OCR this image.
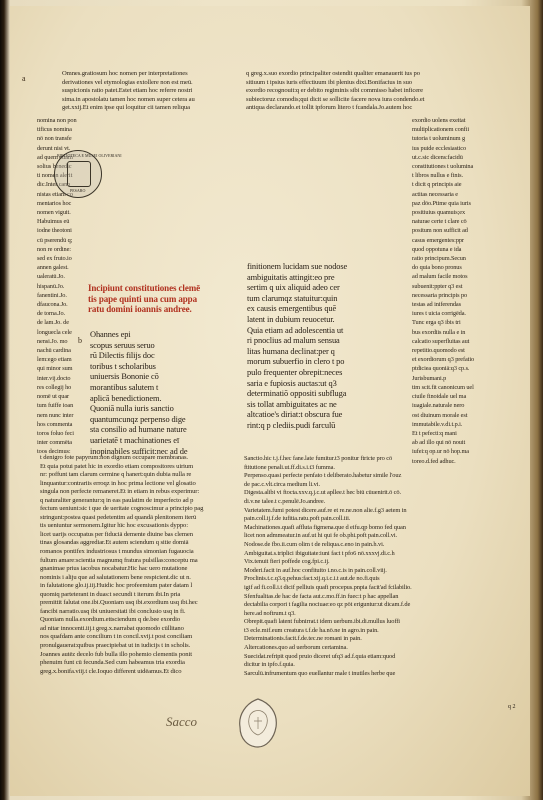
a
b

Omnes.gratiosum hoc nomen per interpretationes

derivationes vel etymologias extollere non est meū.

suspicionis ratio patet.Estet etiam hoc referre nostri

sima.in apostolatu tamen hoc nomen super cetera au

get.xxij.Et enim ipse qui loquitur cii tamen reliqua

nomina non pon

tificus nomina

nō non transfe

derunt nisi vt.

ad quem etiam

solius benedic

ti nomen alerit

dic.Inter cano

nistas etiam co

mentarios hoc

nomen viguit.

Habuimus eū

iodne theotoni

cū pserendū q;

non re ordine:

sed ex fruto.io

annen galest.

ualeratū.Jo.

hispanū.Jo.

fanentini.Jo.

dfaucona.Jo.

de torna.Jo.

de lam.Jo. de

longuecla cele

nensi.Jo. mo

nachū cardina

lem:ego etiam

qui minor sum

inter.vij.docto

res collegij ho

nomē ut quar

tum fuiffe ioan

nem nunc inter

hos commenta

toros foluo feci

inter commēta

toos decimus:

BIBLIOTECA E MUSEI OLIVERIANI
PESARO

Incipiunt constitutiones clemē

tis pape quinti una cum appa

ratu domini ioannis andree.

Ohannes epi

scopus seruus seruo

rū Dilectis filijs doc

toribus t scholaribus

uniuersis Bononie cō

morantibus salutem t

aplicā benedictionem.

Quoniā nulla iuris sanctio

quantumcunqz perpenso dige

sta consilio ad humane nature

uarietatē t machinationes eī

inopinabiles sufficit:nec ad de

t denigro fote papyrum:non dignum occupare membranas.

Et quia potui patet hic in exordio etiam compositores uirium

nr: poffunt tam clarum cermine q hanert:quin dubia nulla re

linquantur:contrariis erroqz in hoc prima lectione vel glosatio

singula non perfecte remaneret.Et in etiam in rebus experimur:

q naturaliter generantur:q in eas paulatim de imperfecto ad p

fectum ueniunt:sic t que de ueritate cognoscimur a principio pag

stringunt:postea quasi pedetentim ad quandā plenitonem iterū

tis ueniuntur sermonem.Igitur hīc hoc excusationis dyppo:

licet uarijs occupatus per fiduciā demente diuine bas clemen

tinas glosandas aggrediar.Et autem sciendum q sitie domiā

romanos pontifex industriosus t mundus simonian fugauocia

fultum amare:scientia magnumq fratura pulsillas:conceptu ma

gnanimae prius iacobus nocabatur.Hic hac uero mutatione

nominis i aliju que ad salutationem bene respicient.dic ut n.

in falutatione glo.ij.iij.Huidic hoc profeemium pater datam l

quomiq parteterant in duas:t secundi t iterum ibi.In pria

premittit falutat one.ibi.Quoniam usq ibi.exordium usq ibi.hec

fancibi narratio.usq ibi uniuersitati ibi conclusio usq in fi.

Quoniam nulla.exordium.ettsciendum q de.bee exordio

ad nitar innocenti.iij.t greg.x.narrabat quomodo cūllitano

nos quafdam ante concilium t in concil.xvij.t post conciliam

pronulgauerat:quibus praecipiebat ut in iudicijs t in scholis.

Joannes autēz decelo fub bulla illo pohemio clementis ponit

phenuim funt cū fecunda.Sed cum habeamus tria exordia

greg.x.bonifa.viij.t cle.Ioquo different uidēamus.Et dico

q greg.x.suo exordio principaliter ostendit qualiter emanauerit ius po

sitiuum t ipsius iuris effectiuum ibi plenius dixi.Bonifacius in suo

exordio recognouit:q er debito regiminis sibi commisso habet inficere

subiectoruz comodis;qui dicit se sollicite facere nova iura condendo.et

antiqua declarando.et tollit ipforum litero t fcandala.Jo.autem hoc

exordio uolens exeitat

multiplicationem confii

tutoria t uoluminum g

ius puide ecclesiastico

ut.c.sic dicens:facidū

constitutiones t uolumina

t libros nullus e finis.

t dicit q principis aie

actitas necessaria e

paz dōo.Ptime quia iuris

positiuius quamuis;ex

naturae certe t clare cō

positum non sufficit ad

casus emergentes:ppr

quod oppotuna e ida

ratio principum.Secun

do quia bono pronus

ad malum facile motos

subuenit:ppter q3 est

necessaria principis po

testas ad iniferendas

iures t uicia corrigēda.

Tunc erga q3 ibis tri

bus exordiis nulla e in

calcatio superfluitas aut

repetitio.quomodo est

et exordiorum q3 prefatio

ptdiciea quoniā:q3 cp.s.

Jurisbumani.p

tim scit.fit canonicum uel

ciuile finoidale uel ma

iuagiale.naturale nero

ost diuinum morale est

immutabile.v.di.t.p.i.

Et t pefecti:q mani

ab ad illo qui nō nouit

iufei:q op.ur nō hop.ma

toreo.d.fed adhuc.

finitionem lucidam sue nodose

ambiguitatis attingit:eo pre

sertim q uix aliquid adeo cer

tum clarumqz statuitur:quin

ex causis emergentibus quē

latent in dubium reuocetur.

Quia etiam ad adolescentia ut

ri pnoclius ad malum sensua

litas humana declinat:per q

morum subuerfio in clero t po

pulo frequenter obrepit:neces

saria e fupiosis auctas:ut q3

determinatiō oppositi subfluga

sis tollat ambiguitates ac ne

altcatioe's diriat:t obscura fue

rint:q p clediis.pudi farculū

Sanctio.hic t.j.f.hec fane.late fumitur.t3 ponitur ftricte pro cō

ftitutione penali.ut.ff.di.s.i.t3 fumma.

Perpenso.quasi perfecte penfato t deliberato.habetur simile l'ouz

de pac.c.vlt.circa medium li.vi.

Digesta.alibi vi ftocta.xxv.q.j.c.ut apllee.t hec biū cūuenirit.ō cō.

di.v.ne talee.t c.penulē.Jo.andree.

Varietatem.fumi potest dicere.auf.re et re.ne.non alie.f.g3 aetem in

pain.coll.ij.f.de iufitia.ratu.poft pain.coll.iii.

Machinationes.quafi affluta figmena.que d eifu.qp bomo fed quan

licet non admmeatur.in auf.ut hi qui fe ob.phi.poft pain.coll.vi.

Nodose.de fbo.ii.cum olim t de reliqua.c.eno in pain.h.vi.

Ambiguitat.s.triplici ibiguitate:iuni fact t pfo6 nō.xxxvj.di.c.h

Vix.tenuit fieri poffede cog.fpi.c.ij.

Moderi.facit in auf.hoc confituito i.no.c.is in pain.coll.viij.

Proclinis.t.c.q3.q.pehus:fact.xij.q.i.c.i.t aut.de no.fi.quis

igif ad fi.coll.i.t dicif pelliuis quafi procepus.pnpia facit'ad fcilabilio.

Sfenfualitas.de hac de facta aut.c.mo.ff.in fuec:t p hac appellan

dectabilia corpori t fagilia nociuae:eo qz pōt eriguntur:ut dicam.f.de

here.ad noftrum.t q3.

Obrepit.quafi latent fubnirrat.t idem uerbum.ibi.di.mullus luoffi

t3 ecle.mif.eum creatura t.f.de ha.nō.ne in agro.in pain.

Determinationis.facit.f.de.tec.ne romani in pain.

Altercationes.quo ad uerborum certamina.

Suecidat.refripit quod pruio diceret ufq3 ad.f.quia etiam:quod

dicitur in ipfo.f.quia.

Sarculū.infrumentum quo euellantur male t inutiles herbe que

Sacco
q 2
